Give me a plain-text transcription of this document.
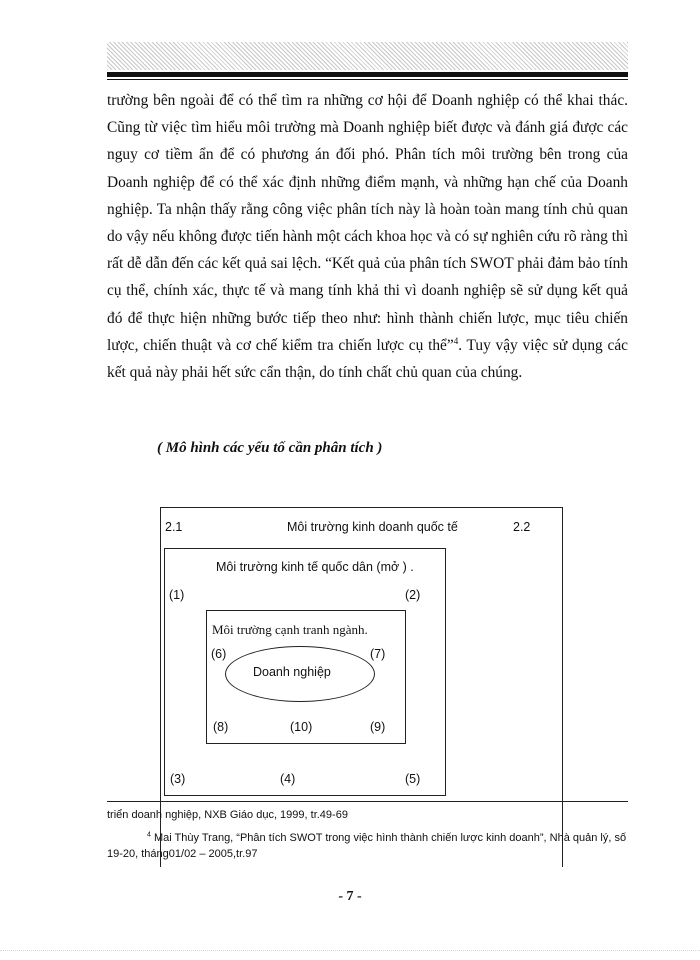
trường bên ngoài để có thể tìm ra những cơ hội để Doanh nghiệp có thể khai thác. Cũng từ việc tìm hiểu môi trường mà Doanh nghiệp biết được và đánh giá được các nguy cơ tiềm ẩn để có phương án đối phó. Phân tích môi trường bên trong của Doanh nghiệp để có thể xác định những điểm mạnh, và những hạn chế của Doanh nghiệp. Ta nhận thấy rằng công việc phân tích này là hoàn toàn mang tính chủ quan do vậy nếu không được tiến hành một cách khoa học và có sự nghiên cứu rõ ràng thì rất dễ dẫn đến các kết quả sai lệch. “Kết quả của phân tích SWOT phải đảm bảo tính cụ thể, chính xác, thực tế và mang tính khả thi vì doanh nghiệp sẽ sử dụng kết quả đó để thực hiện những bước tiếp theo như: hình thành chiến lược, mục tiêu chiến lược, chiến thuật và cơ chế kiểm tra chiến lược cụ thể”$^4$. Tuy vậy việc sử dụng các kết quả này phải hết sức cẩn thận, do tính chất chủ quan của chúng.

( Mô hình các yếu tố cần phân tích )

2.1	Môi trường kinh doanh quốc tế	2.2
Môi trường kinh tế quốc dân (mở ) .
(1)	(2)
Môi trường cạnh tranh ngành.
(6)	(7)
Doanh nghiệp
(8)	(10)	(9)
(3)	(4)	(5)

triển doanh nghiệp, NXB Giáo dục, 1999, tr.49-69

$^4$ Mai Thùy Trang, “Phân tích SWOT trong việc hình thành chiến lược kinh doanh”, Nhà quản lý, số 19-20, tháng01/02 – 2005,tr.97

- 7 -
